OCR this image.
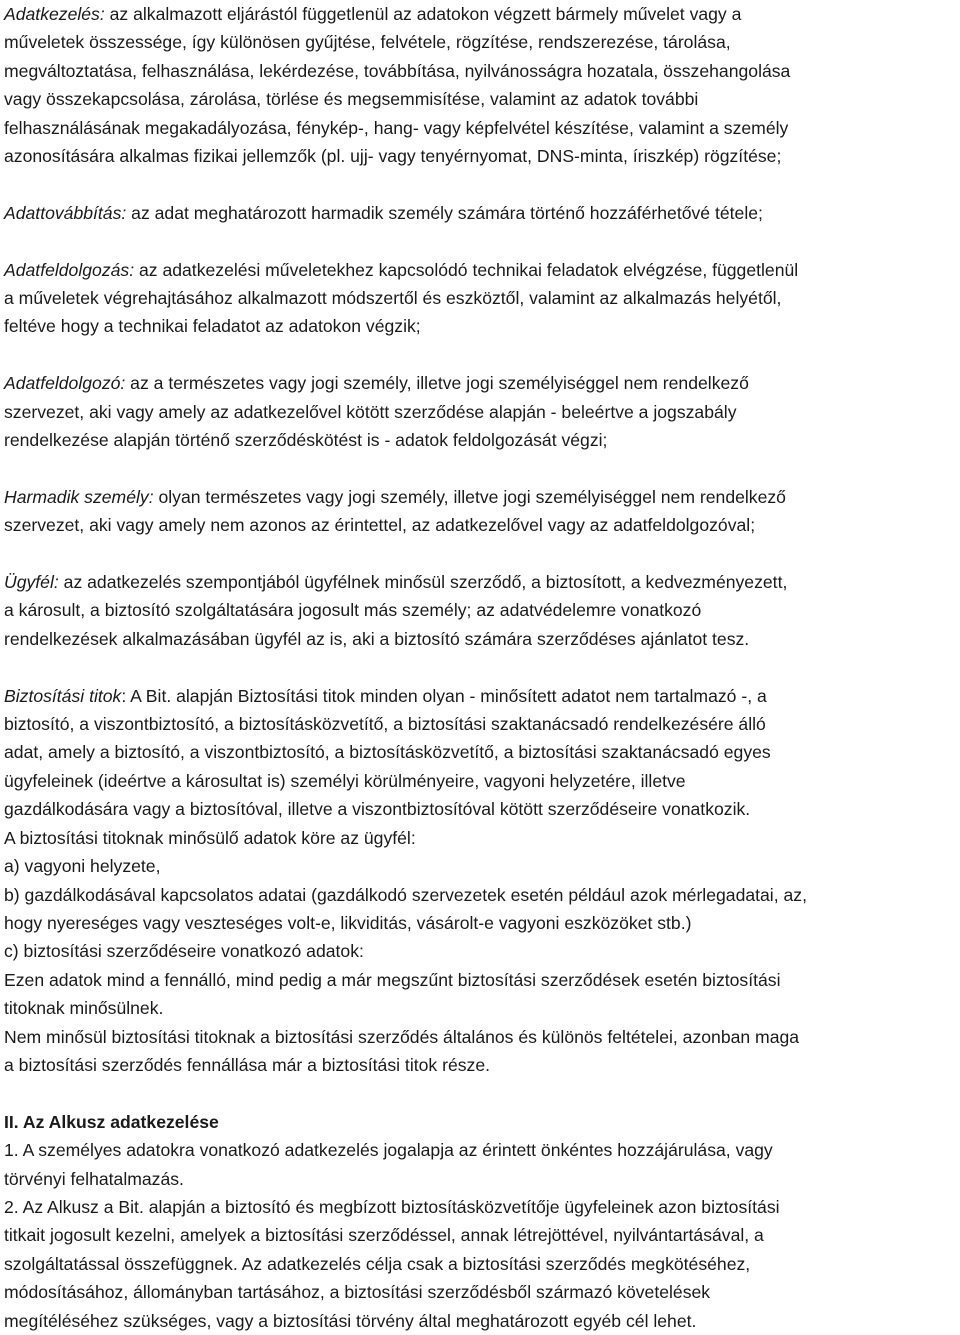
Adatkezelés: az alkalmazott eljárástól függetlenül az adatokon végzett bármely művelet vagy a
műveletek összessége, így különösen gyűjtése, felvétele, rögzítése, rendszerezése, tárolása,
megváltoztatása, felhasználása, lekérdezése, továbbítása, nyilvánosságra hozatala, összehangolása
vagy összekapcsolása, zárolása, törlése és megsemmisítése, valamint az adatok további
felhasználásának megakadályozása, fénykép-, hang- vagy képfelvétel készítése, valamint a személy
azonosítására alkalmas fizikai jellemzők (pl. ujj- vagy tenyérnyomat, DNS-minta, íriszkép) rögzítése;
Adattovábbítás: az adat meghatározott harmadik személy számára történő hozzáférhetővé tétele;
Adatfeldolgozás: az adatkezelési műveletekhez kapcsolódó technikai feladatok elvégzése, függetlenül
a műveletek végrehajtásához alkalmazott módszertől és eszköztől, valamint az alkalmazás helyétől,
feltéve hogy a technikai feladatot az adatokon végzik;
Adatfeldolgozó: az a természetes vagy jogi személy, illetve jogi személyiséggel nem rendelkező
szervezet, aki vagy amely az adatkezelővel kötött szerződése alapján - beleértve a jogszabály
rendelkezése alapján történő szerződéskötést is - adatok feldolgozását végzi;
Harmadik személy: olyan természetes vagy jogi személy, illetve jogi személyiséggel nem rendelkező
szervezet, aki vagy amely nem azonos az érintettel, az adatkezelővel vagy az adatfeldolgozóval;
Ügyfél: az adatkezelés szempontjából ügyfélnek minősül szerződő, a biztosított, a kedvezményezett,
a károsult, a biztosító szolgáltatására jogosult más személy; az adatvédelemre vonatkozó
rendelkezések alkalmazásában ügyfél az is, aki a biztosító számára szerződéses ajánlatot tesz.
Biztosítási titok: A Bit. alapján Biztosítási titok minden olyan - minősített adatot nem tartalmazó -, a
biztosító, a viszontbiztosító, a biztosításközvetítő, a biztosítási szaktanácsadó rendelkezésére álló
adat, amely a biztosító, a viszontbiztosító, a biztosításközvetítő, a biztosítási szaktanácsadó egyes
ügyfeleinek (ideértve a károsultat is) személyi körülményeire, vagyoni helyzetére, illetve
gazdálkodására vagy a biztosítóval, illetve a viszontbiztosítóval kötött szerződéseire vonatkozik.
A biztosítási titoknak minősülő adatok köre az ügyfél:
a) vagyoni helyzete,
b) gazdálkodásával kapcsolatos adatai (gazdálkodó szervezetek esetén például azok mérlegadatai, az,
hogy nyereséges vagy veszteséges volt-e, likviditás, vásárolt-e vagyoni eszközöket stb.)
c) biztosítási szerződéseire vonatkozó adatok:
Ezen adatok mind a fennálló, mind pedig a már megszűnt biztosítási szerződések esetén biztosítási
titoknak minősülnek.
Nem minősül biztosítási titoknak a biztosítási szerződés általános és különös feltételei, azonban maga
a biztosítási szerződés fennállása már a biztosítási titok része.
II. Az Alkusz adatkezelése
1. A személyes adatokra vonatkozó adatkezelés jogalapja az érintett önkéntes hozzájárulása, vagy
törvényi felhatalmazás.
2. Az Alkusz a Bit. alapján a biztosító és megbízott biztosításközvetítője ügyfeleinek azon biztosítási
titkait jogosult kezelni, amelyek a biztosítási szerződéssel, annak létrejöttével, nyilvántartásával, a
szolgáltatással összefüggnek. Az adatkezelés célja csak a biztosítási szerződés megkötéséhez,
módosításához, állományban tartásához, a biztosítási szerződésből származó követelések
megítéléséhez szükséges, vagy a biztosítási törvény által meghatározott egyéb cél lehet.
